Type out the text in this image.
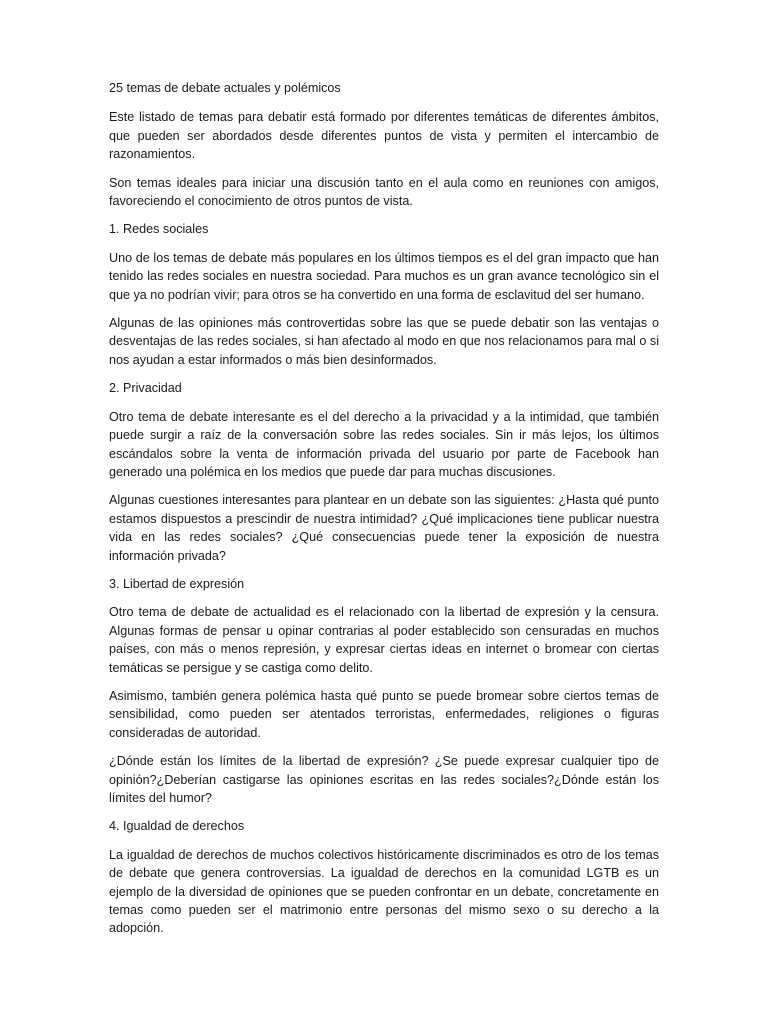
25 temas de debate actuales y polémicos

Este listado de temas para debatir está formado por diferentes temáticas de diferentes ámbitos, que pueden ser abordados desde diferentes puntos de vista y permiten el intercambio de razonamientos.

Son temas ideales para iniciar una discusión tanto en el aula como en reuniones con amigos, favoreciendo el conocimiento de otros puntos de vista.

1. Redes sociales

Uno de los temas de debate más populares en los últimos tiempos es el del gran impacto que han tenido las redes sociales en nuestra sociedad. Para muchos es un gran avance tecnológico sin el que ya no podrían vivir; para otros se ha convertido en una forma de esclavitud del ser humano.

Algunas de las opiniones más controvertidas sobre las que se puede debatir son las ventajas o desventajas de las redes sociales, si han afectado al modo en que nos relacionamos para mal o si nos ayudan a estar informados o más bien desinformados.

2. Privacidad

Otro tema de debate interesante es el del derecho a la privacidad y a la intimidad, que también puede surgir a raíz de la conversación sobre las redes sociales. Sin ir más lejos, los últimos escándalos sobre la venta de información privada del usuario por parte de Facebook han generado una polémica en los medios que puede dar para muchas discusiones.

Algunas cuestiones interesantes para plantear en un debate son las siguientes: ¿Hasta qué punto estamos dispuestos a prescindir de nuestra intimidad? ¿Qué implicaciones tiene publicar nuestra vida en las redes sociales? ¿Qué consecuencias puede tener la exposición de nuestra información privada?

3. Libertad de expresión

Otro tema de debate de actualidad es el relacionado con la libertad de expresión y la censura. Algunas formas de pensar u opinar contrarias al poder establecido son censuradas en muchos países, con más o menos represión, y expresar ciertas ideas en internet o bromear con ciertas temáticas se persigue y se castiga como delito.

Asimismo, también genera polémica hasta qué punto se puede bromear sobre ciertos temas de sensibilidad, como pueden ser atentados terroristas, enfermedades, religiones o figuras consideradas de autoridad.

¿Dónde están los límites de la libertad de expresión? ¿Se puede expresar cualquier tipo de opinión?¿Deberían castigarse las opiniones escritas en las redes sociales?¿Dónde están los límites del humor?

4. Igualdad de derechos

La igualdad de derechos de muchos colectivos históricamente discriminados es otro de los temas de debate que genera controversias. La igualdad de derechos en la comunidad LGTB es un ejemplo de la diversidad de opiniones que se pueden confrontar en un debate, concretamente en temas como pueden ser el matrimonio entre personas del mismo sexo o su derecho a la adopción.
